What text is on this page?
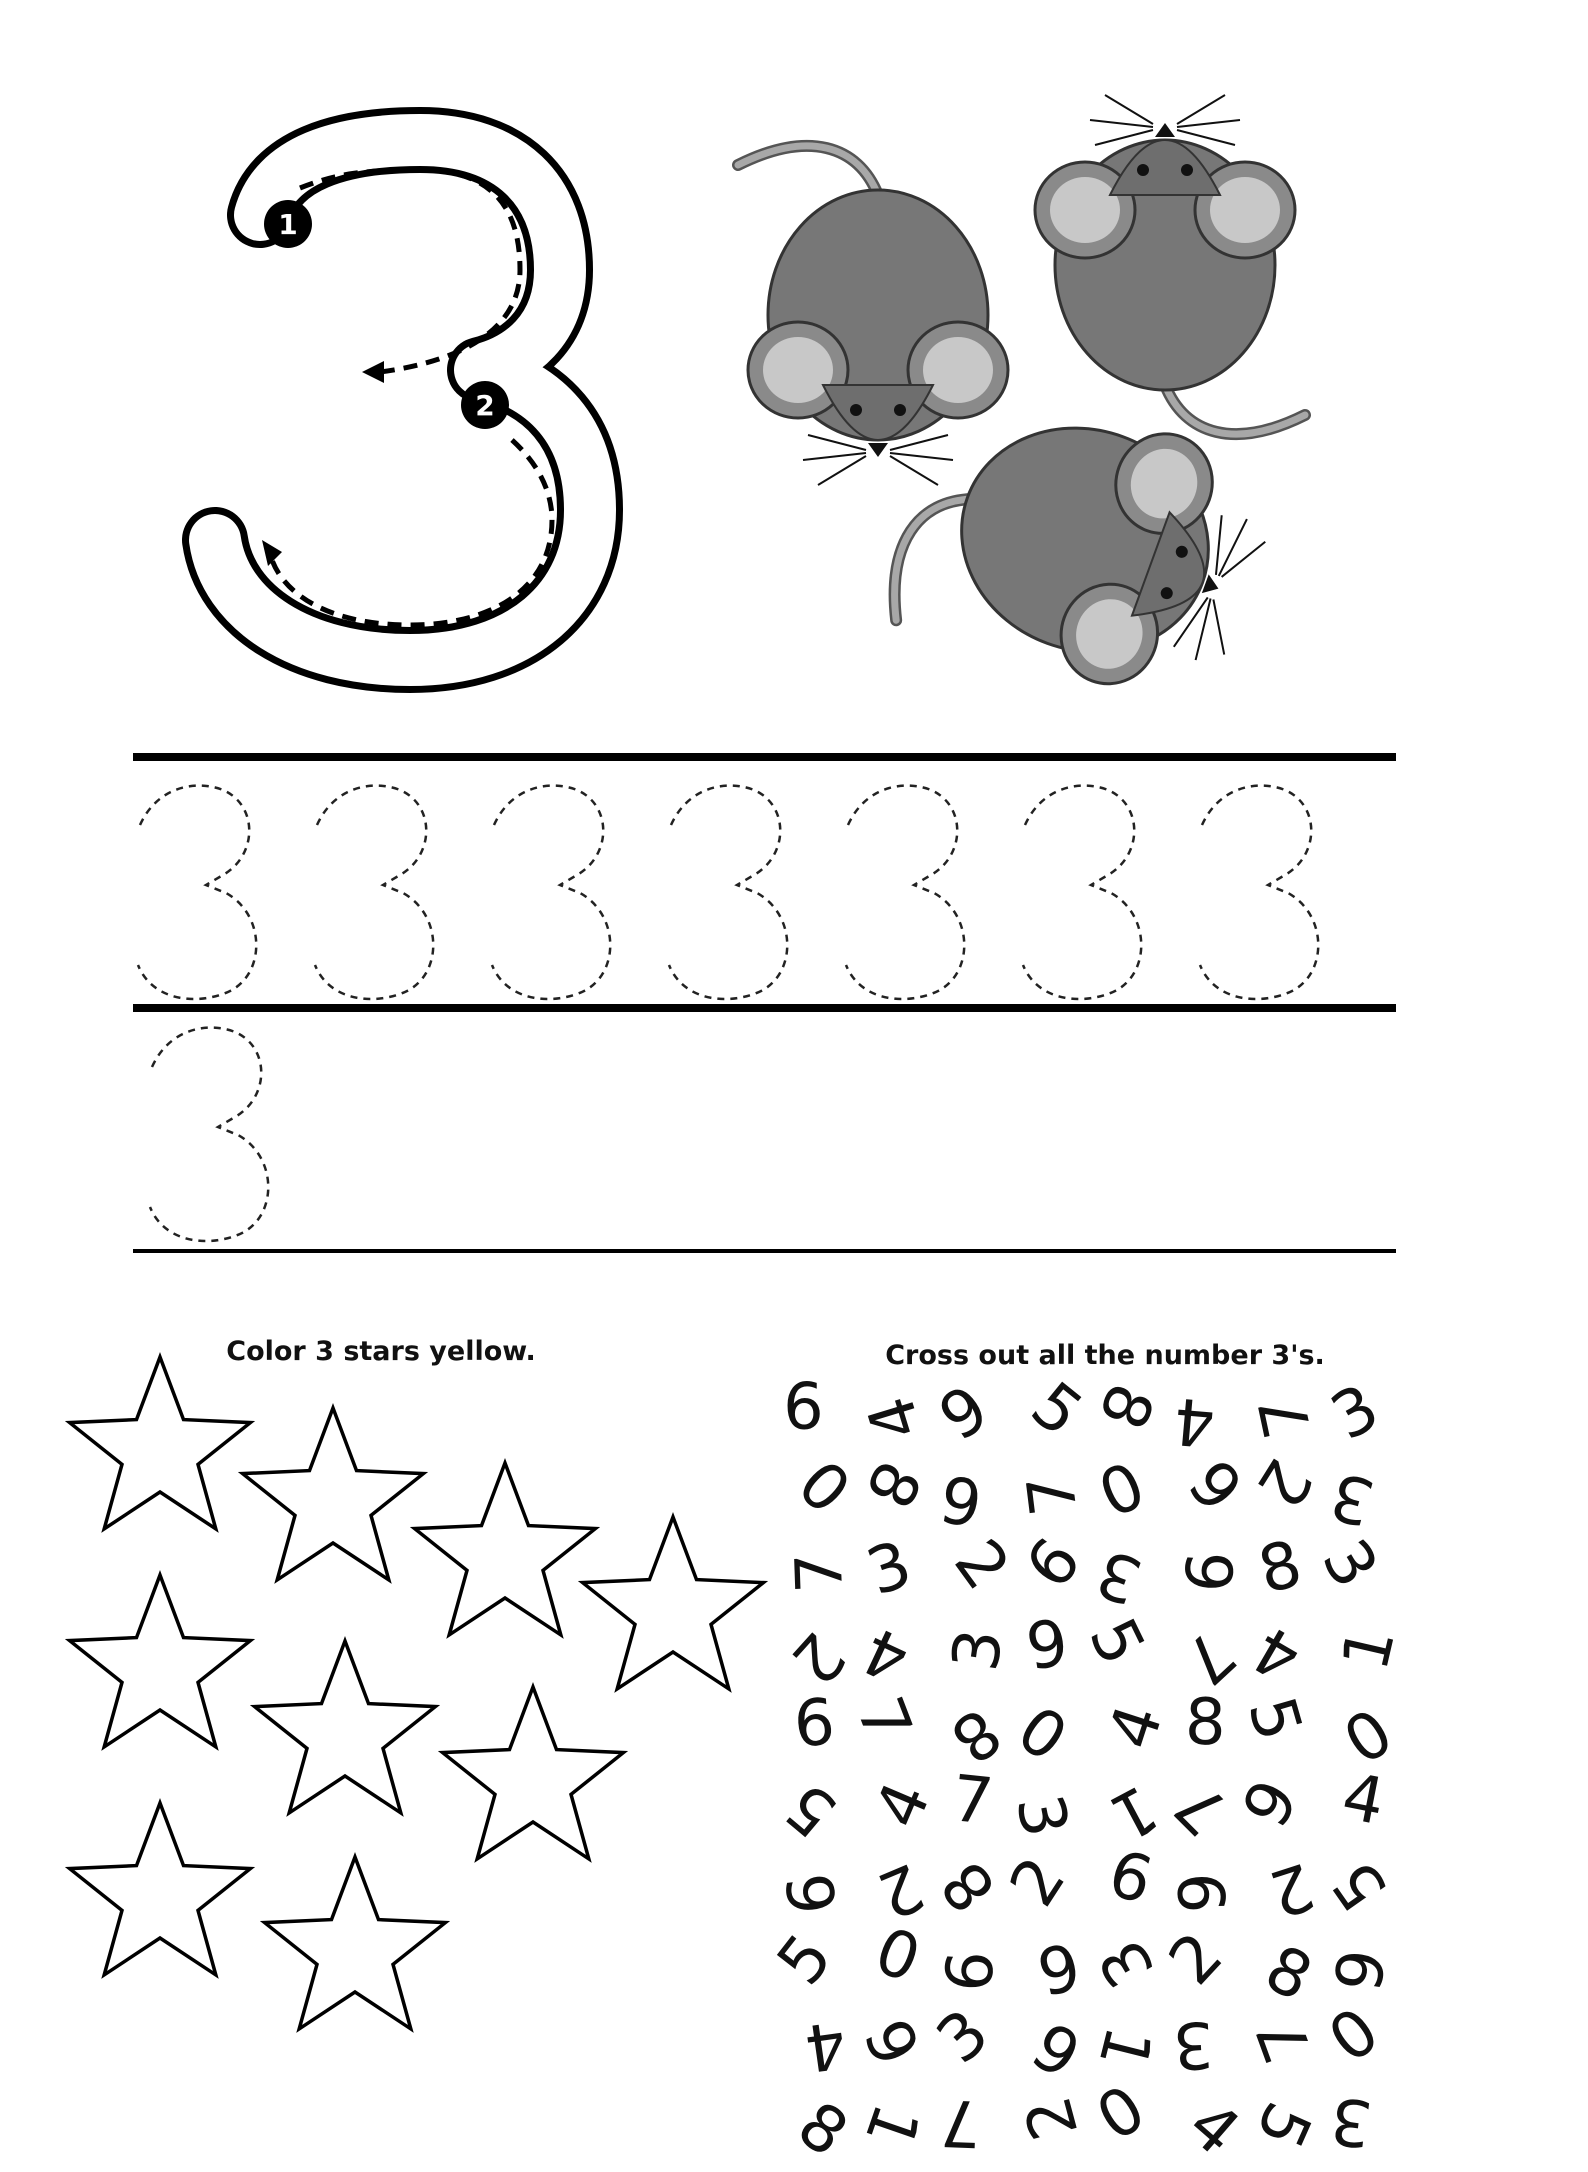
1
2
Color 3 stars yellow.	Cross out all the number 3's.
9 4
9 5
8 4 7
3
0
8 6 7
0 9
2
3
7 3 2
9
3 6 8
3
2
4 3 9 5 7
4 1
6 7 8
0 4 8 5 0
5 4 7 3 1
7
9 4
9 2
8
2 6 6 2
5
5 0
9 6
3
2 8
6
4 6
3 9
1 3 7
0
8
1 7 2
0 4
5 3
